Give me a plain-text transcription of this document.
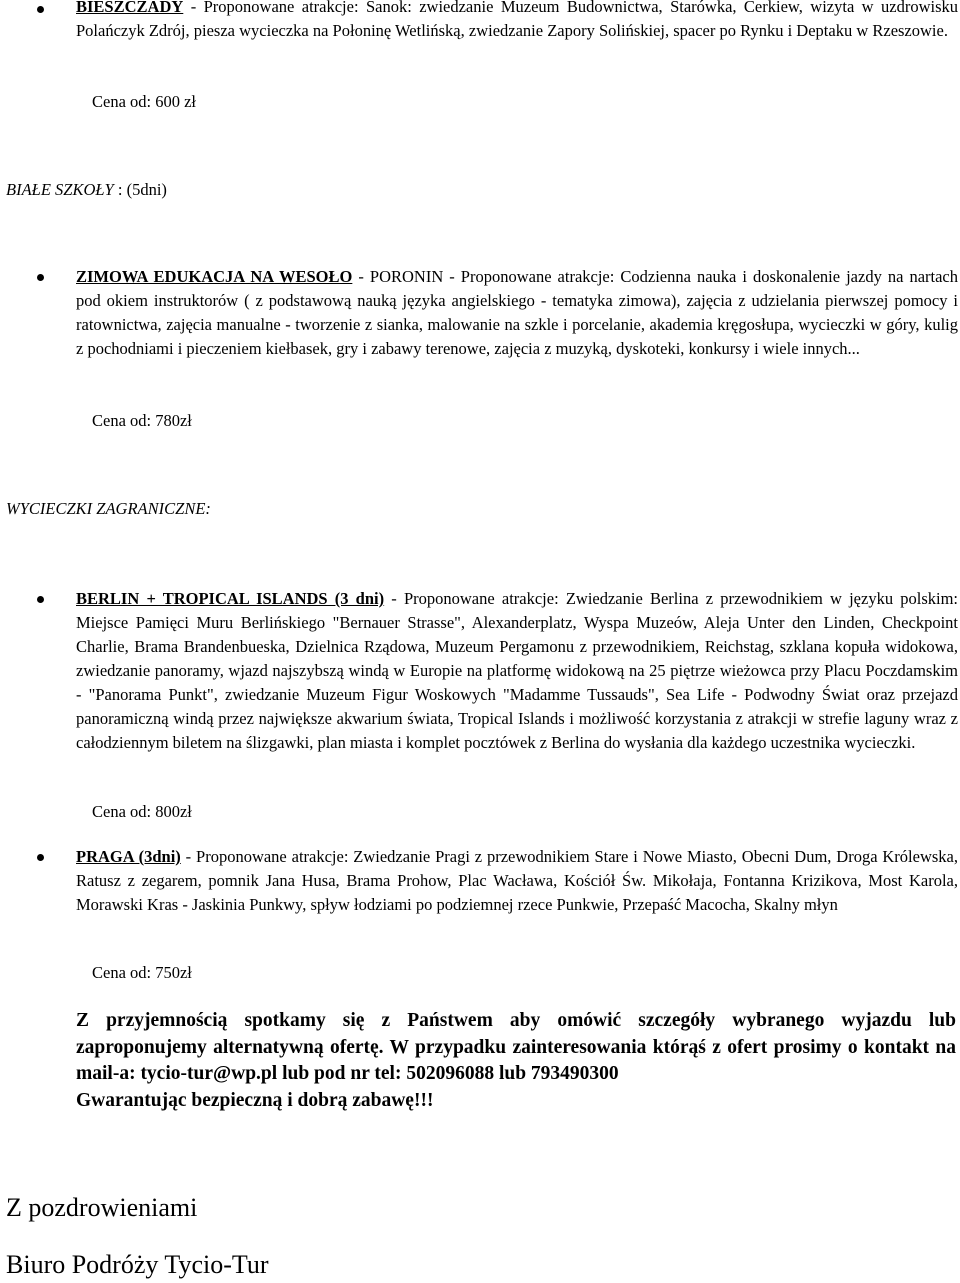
BIESZCZADY - Proponowane atrakcje: Sanok: zwiedzanie Muzeum Budownictwa, Starówka, Cerkiew, wizyta w uzdrowisku Polańczyk Zdrój, piesza wycieczka na Połoninę Wetlińską, zwiedzanie Zapory Solińskiej, spacer po Rynku i Deptaku w Rzeszowie.
Cena od: 600 zł
BIAŁE SZKOŁY : (5dni)
ZIMOWA EDUKACJA NA WESOŁO - PORONIN - Proponowane atrakcje: Codzienna nauka i doskonalenie jazdy na nartach pod okiem instruktorów ( z podstawową nauką języka angielskiego - tematyka zimowa), zajęcia z udzielania pierwszej pomocy i ratownictwa, zajęcia manualne - tworzenie z sianka, malowanie na szkle i porcelanie, akademia kręgosłupa, wycieczki w góry, kulig z pochodniami i pieczeniem kiełbasek, gry i zabawy terenowe, zajęcia z muzyką, dyskoteki, konkursy i wiele innych...
Cena od: 780zł
WYCIECZKI ZAGRANICZNE:
BERLIN + TROPICAL ISLANDS (3 dni) - Proponowane atrakcje: Zwiedzanie Berlina z przewodnikiem w języku polskim: Miejsce Pamięci Muru Berlińskiego "Bernauer Strasse", Alexanderplatz, Wyspa Muzeów, Aleja Unter den Linden, Checkpoint Charlie, Brama Brandenbueska, Dzielnica Rządowa, Muzeum Pergamonu z przewodnikiem, Reichstag, szklana kopuła widokowa, zwiedzanie panoramy, wjazd najszybszą windą w Europie na platformę widokową na 25 piętrze wieżowca przy Placu Poczdamskim - "Panorama Punkt", zwiedzanie Muzeum Figur Woskowych "Madamme Tussauds", Sea Life - Podwodny Świat oraz przejazd panoramiczną windą przez największe akwarium świata, Tropical Islands i możliwość korzystania z atrakcji w strefie laguny wraz z całodziennym biletem na ślizgawki, plan miasta i komplet pocztówek z Berlina do wysłania dla każdego uczestnika wycieczki.
Cena od: 800zł
PRAGA (3dni) - Proponowane atrakcje: Zwiedzanie Pragi z przewodnikiem Stare i Nowe Miasto, Obecni Dum, Droga Królewska, Ratusz z zegarem, pomnik Jana Husa, Brama Prohow, Plac Wacława, Kościół Św. Mikołaja, Fontanna Krizikova, Most Karola, Morawski Kras - Jaskinia Punkwy, spływ łodziami po podziemnej rzece Punkwie, Przepaść Macocha, Skalny młyn
Cena od: 750zł
Z przyjemnością spotkamy się z Państwem aby omówić szczegóły wybranego wyjazdu lub zaproponujemy alternatywną ofertę. W przypadku zainteresowania którąś z ofert prosimy o kontakt na mail-a: tycio-tur@wp.pl lub pod nr tel: 502096088 lub 793490300
Gwarantując bezpieczną i dobrą zabawę!!!
Z pozdrowieniami
Biuro Podróży Tycio-Tur
